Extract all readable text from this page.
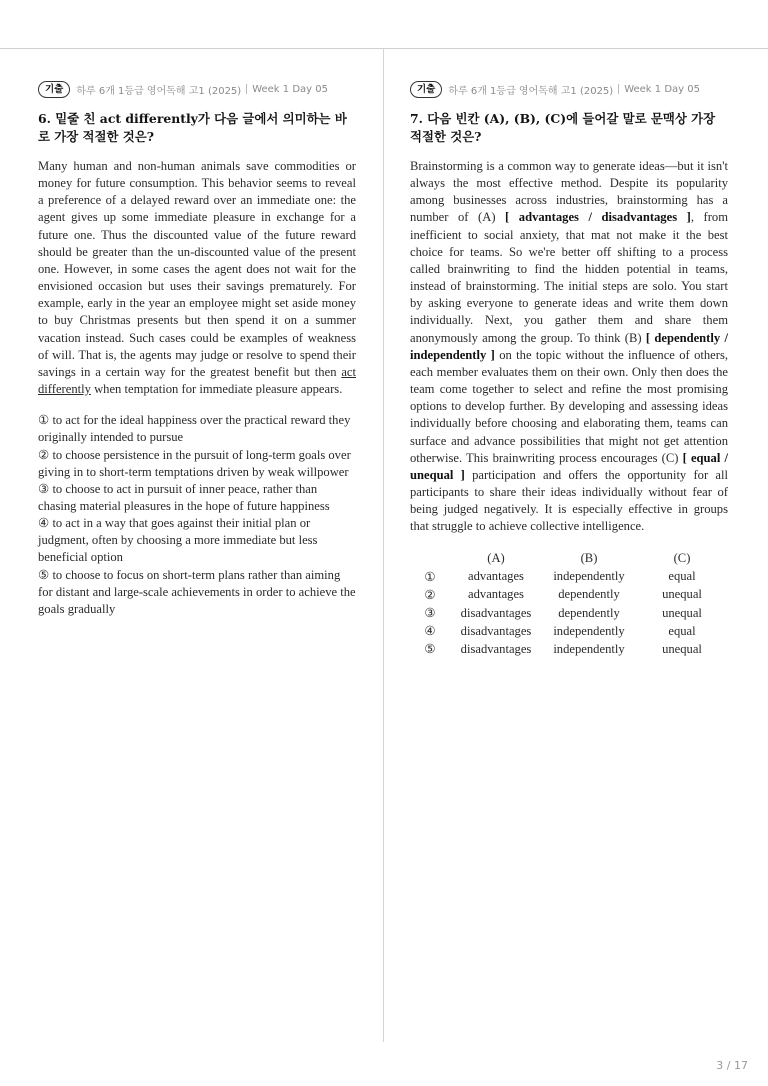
기출	하루 6개 1등급 영어독해 고1 (2025) Week 1 Day 05
6. 밑줄 친 act differently가 다음 글에서 의미하는 바로 가장 적절한 것은?

Many human and non-human animals save commodities or money for future consumption. This behavior seems to reveal a preference of a delayed reward over an immediate one: the agent gives up some immediate pleasure in exchange for a future one. Thus the discounted value of the future reward should be greater than the un-discounted value of the present one. However, in some cases the agent does not wait for the envisioned occasion but uses their savings prematurely. For example, early in the year an employee might set aside money to buy Christmas presents but then spend it on a summer vacation instead. Such cases could be examples of weakness of will. That is, the agents may judge or resolve to spend their savings in a certain way for the greatest benefit but then act differently when temptation for immediate pleasure appears.

① to act for the ideal happiness over the practical reward they originally intended to pursue

② to choose persistence in the pursuit of long-term goals over giving in to short-term temptations driven by weak willpower

③ to choose to act in pursuit of inner peace, rather than chasing material pleasures in the hope of future happiness

④ to act in a way that goes against their initial plan or judgment, often by choosing a more immediate but less beneficial option

⑤ to choose to focus on short-term plans rather than aiming for distant and large-scale achievements in order to achieve the goals gradually

기출	하루 6개 1등급 영어독해 고1 (2025) Week 1 Day 05
7. 다음 빈칸 (A), (B), (C)에 들어갈 말로 문맥상 가장 적절한 것은?

Brainstorming is a common way to generate ideas—but it isn't always the most effective method. Despite its popularity among businesses across industries, brainstorming has a number of (A) [ advantages / disadvantages ], from inefficient to social anxiety, that mat not make it the best choice for teams. So we're better off shifting to a process called brainwriting to find the hidden potential in teams, instead of brainstorming. The initial steps are solo. You start by asking everyone to generate ideas and write them down individually. Next, you gather them and share them anonymously among the group. To think (B) [ dependently / independently ] on the topic without the influence of others, each member evaluates them on their own. Only then does the team come together to select and refine the most promising options to develop further. By developing and assessing ideas individually before choosing and elaborating them, teams can surface and advance possibilities that might not get attention otherwise. This brainwriting process encourages (C) [ equal / unequal ] participation and offers the opportunity for all participants to share their ideas individually without fear of being judged negatively. It is especially effective in groups that struggle to achieve collective intelligence.

	(A)	(B)	(C)
①	advantages	independently	equal
②	advantages	dependently	unequal
③	disadvantages	dependently	unequal
④	disadvantages	independently	equal
⑤	disadvantages	independently	unequal
3 / 17
